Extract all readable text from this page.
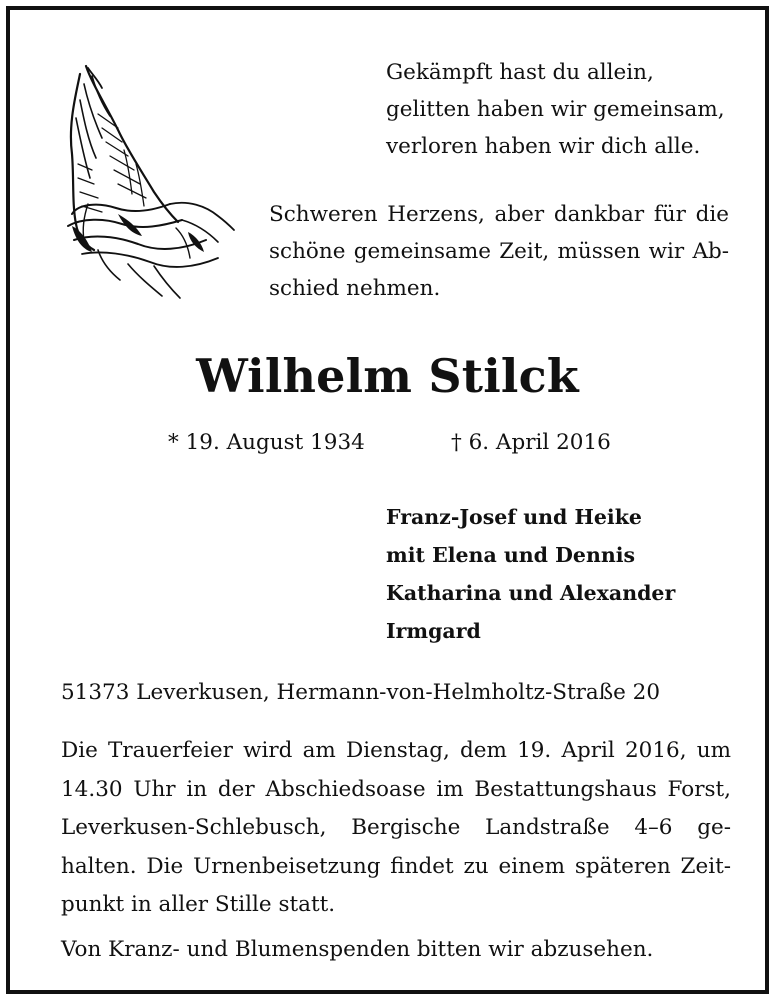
Gekämpft hast du allein,
gelitten haben wir gemeinsam,
verloren haben wir dich alle.
Schweren Herzens, aber dankbar für die
schöne gemeinsame Zeit, müssen wir Ab-
schied nehmen.
Wilhelm Stilck
* 19. August 1934	† 6. April 2016
Franz-Josef und Heike
mit Elena und Dennis
Katharina und Alexander
Irmgard
51373 Leverkusen, Hermann-von-Helmholtz-Straße 20
Die Trauerfeier wird am Dienstag, dem 19. April 2016, um
14.30 Uhr in der Abschiedsoase im Bestattungshaus Forst,
Leverkusen-Schlebusch, Bergische Landstraße 4–6 ge-
halten. Die Urnenbeisetzung findet zu einem späteren Zeit-
punkt in aller Stille statt.
Von Kranz- und Blumenspenden bitten wir abzusehen.
